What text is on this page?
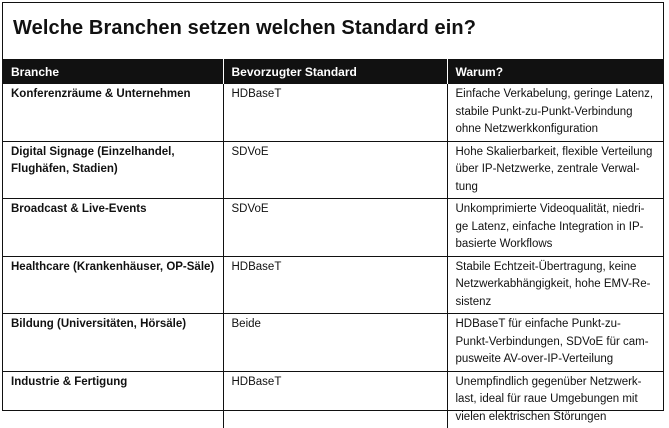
Welche Branchen setzen welchen Standard ein?
Branche	Bevorzugter Standard	Warum?
Konferenzräume & Unternehmen	HDBaseT	Einfache Verkabelung, geringe Latenz,
stabile Punkt-zu-Punkt-Verbindung
ohne Netzwerkkonfiguration
Digital Signage (Einzelhandel, Flughäfen, Stadien)	SDVoE	Hohe Skalierbarkeit, flexible Verteilung
über IP-Netzwerke, zentrale Verwal-
tung
Broadcast & Live-Events	SDVoE	Unkomprimierte Videoqualität, niedri-
ge Latenz, einfache Integration in IP-
basierte Workflows
Healthcare (Krankenhäuser, OP-Säle)	HDBaseT	Stabile Echtzeit-Übertragung, keine
Netzwerkabhängigkeit, hohe EMV-Re-
sistenz
Bildung (Universitäten, Hörsäle)	Beide	HDBaseT für einfache Punkt-zu-
Punkt-Verbindungen, SDVoE für cam-
pusweite AV-over-IP-Verteilung
Industrie & Fertigung	HDBaseT	Unempfindlich gegenüber Netzwerk-
last, ideal für raue Umgebungen mit
vielen elektrischen Störungen
